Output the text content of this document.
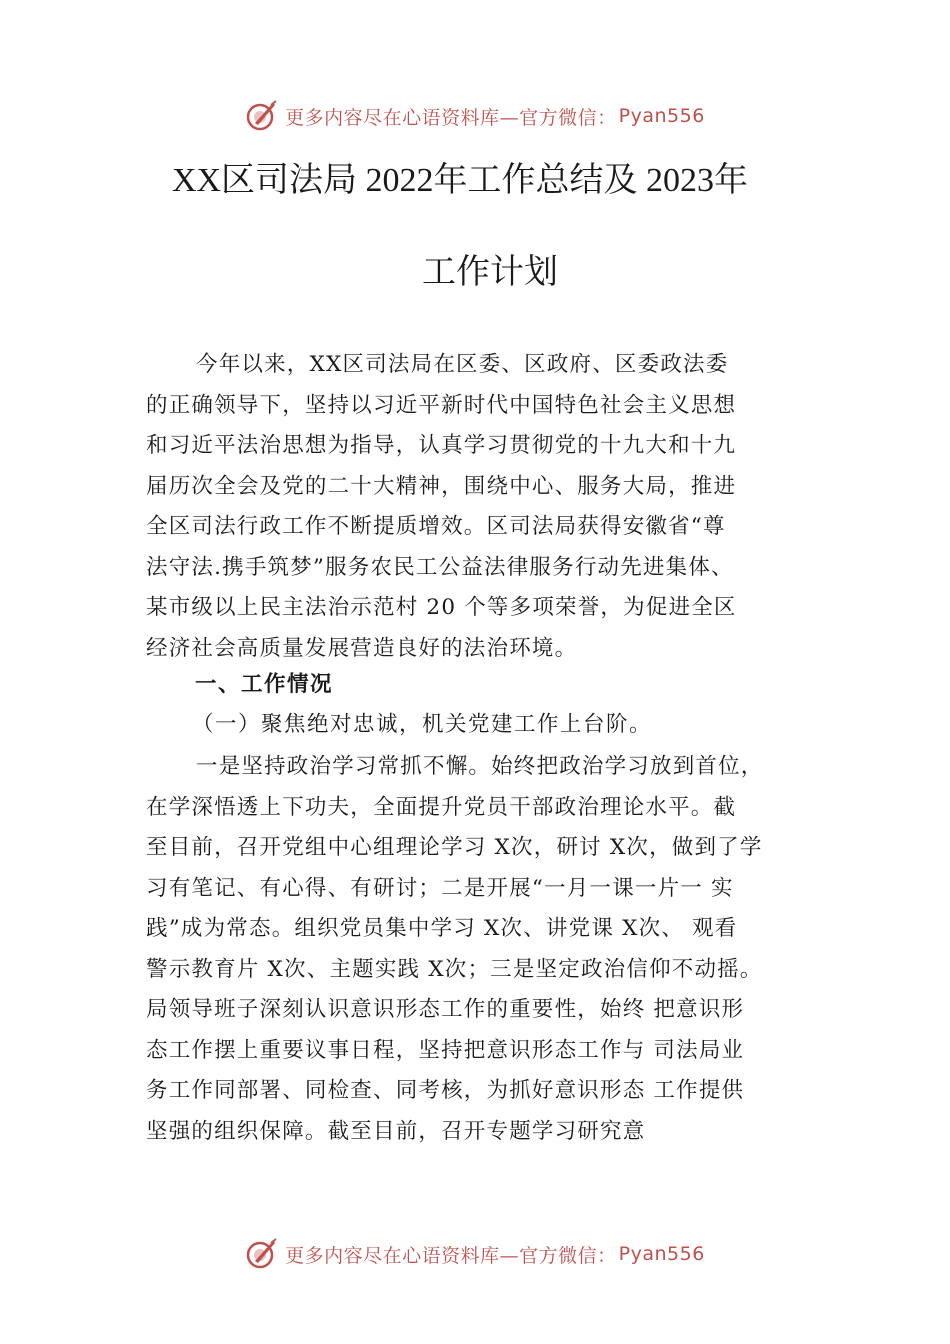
更多内容尽在心语资料库—官方微信： Pyan556
XX区司法局 2022年工作总结及 2023年
工作计划
今年以来，XX区司法局在区委、区政府、区委政法委
的正确领导下，坚持以习近平新时代中国特色社会主义思想
和习近平法治思想为指导，认真学习贯彻党的十九大和十九
届历次全会及党的二十大精神，围绕中心、服务大局，推进
全区司法行政工作不断提质增效。区司法局获得安徽省“尊
法守法.携手筑梦”服务农民工公益法律服务行动先进集体、
某市级以上民主法治示范村 20 个等多项荣誉，为促进全区
经济社会高质量发展营造良好的法治环境。
一、工作情况
（一）聚焦绝对忠诚，机关党建工作上台阶。
一是坚持政治学习常抓不懈。始终把政治学习放到首位，
在学深悟透上下功夫，全面提升党员干部政治理论水平。截
至目前，召开党组中心组理论学习 X次，研讨 X次，做到了学
习有笔记、有心得、有研讨；二是开展“一月一课一片一 实
践”成为常态。组织党员集中学习 X次、讲党课 X次、 观看
警示教育片 X次、主题实践 X次；三是坚定政治信仰不动摇。
局领导班子深刻认识意识形态工作的重要性，始终 把意识形
态工作摆上重要议事日程，坚持把意识形态工作与 司法局业
务工作同部署、同检查、同考核，为抓好意识形态 工作提供
坚强的组织保障。截至目前，召开专题学习研究意
更多内容尽在心语资料库—官方微信： Pyan556
